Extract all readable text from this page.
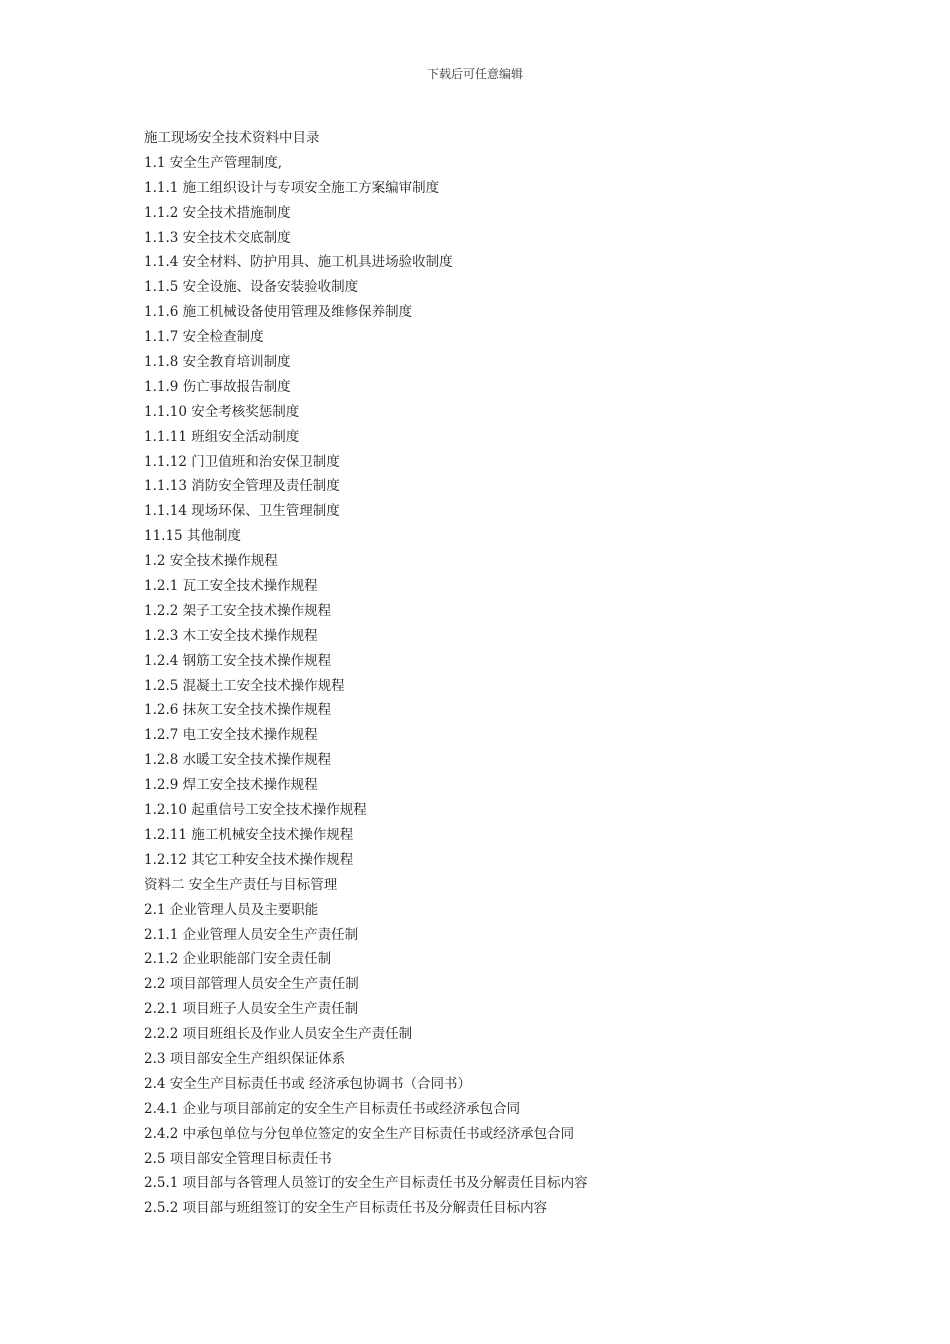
下载后可任意编辑
施工现场安全技术资料中目录
1.1 安全生产管理制度,
1.1.1 施工组织设计与专项安全施工方案编审制度
1.1.2 安全技术措施制度
1.1.3 安全技术交底制度
1.1.4 安全材料、防护用具、施工机具进场验收制度
1.1.5 安全设施、设备安装验收制度
1.1.6 施工机械设备使用管理及维修保养制度
1.1.7 安全检查制度
1.1.8 安全教育培训制度
1.1.9 伤亡事故报告制度
1.1.10 安全考核奖惩制度
1.1.11 班组安全活动制度
1.1.12 门卫值班和治安保卫制度
1.1.13 消防安全管理及责任制度
1.1.14 现场环保、卫生管理制度
11.15 其他制度
1.2 安全技术操作规程
1.2.1 瓦工安全技术操作规程
1.2.2 架子工安全技术操作规程
1.2.3 木工安全技术操作规程
1.2.4 钢筋工安全技术操作规程
1.2.5 混凝土工安全技术操作规程
1.2.6 抹灰工安全技术操作规程
1.2.7 电工安全技术操作规程
1.2.8 水暖工安全技术操作规程
1.2.9 焊工安全技术操作规程
1.2.10 起重信号工安全技术操作规程
1.2.11 施工机械安全技术操作规程
1.2.12 其它工种安全技术操作规程
资料二 安全生产责任与目标管理
2.1 企业管理人员及主要职能
2.1.1 企业管理人员安全生产责任制
2.1.2 企业职能部门安全责任制
2.2 项目部管理人员安全生产责任制
2.2.1 项目班子人员安全生产责任制
2.2.2 项目班组长及作业人员安全生产责任制
2.3 项目部安全生产组织保证体系
2.4 安全生产目标责任书或 经济承包协调书（合同书）
2.4.1 企业与项目部前定的安全生产目标责任书或经济承包合同
2.4.2 中承包单位与分包单位签定的安全生产目标责任书或经济承包合同
2.5 项目部安全管理目标责任书
2.5.1 项目部与各管理人员签订的安全生产目标责任书及分解责任目标内容
2.5.2 项目部与班组签订的安全生产目标责任书及分解责任目标内容
